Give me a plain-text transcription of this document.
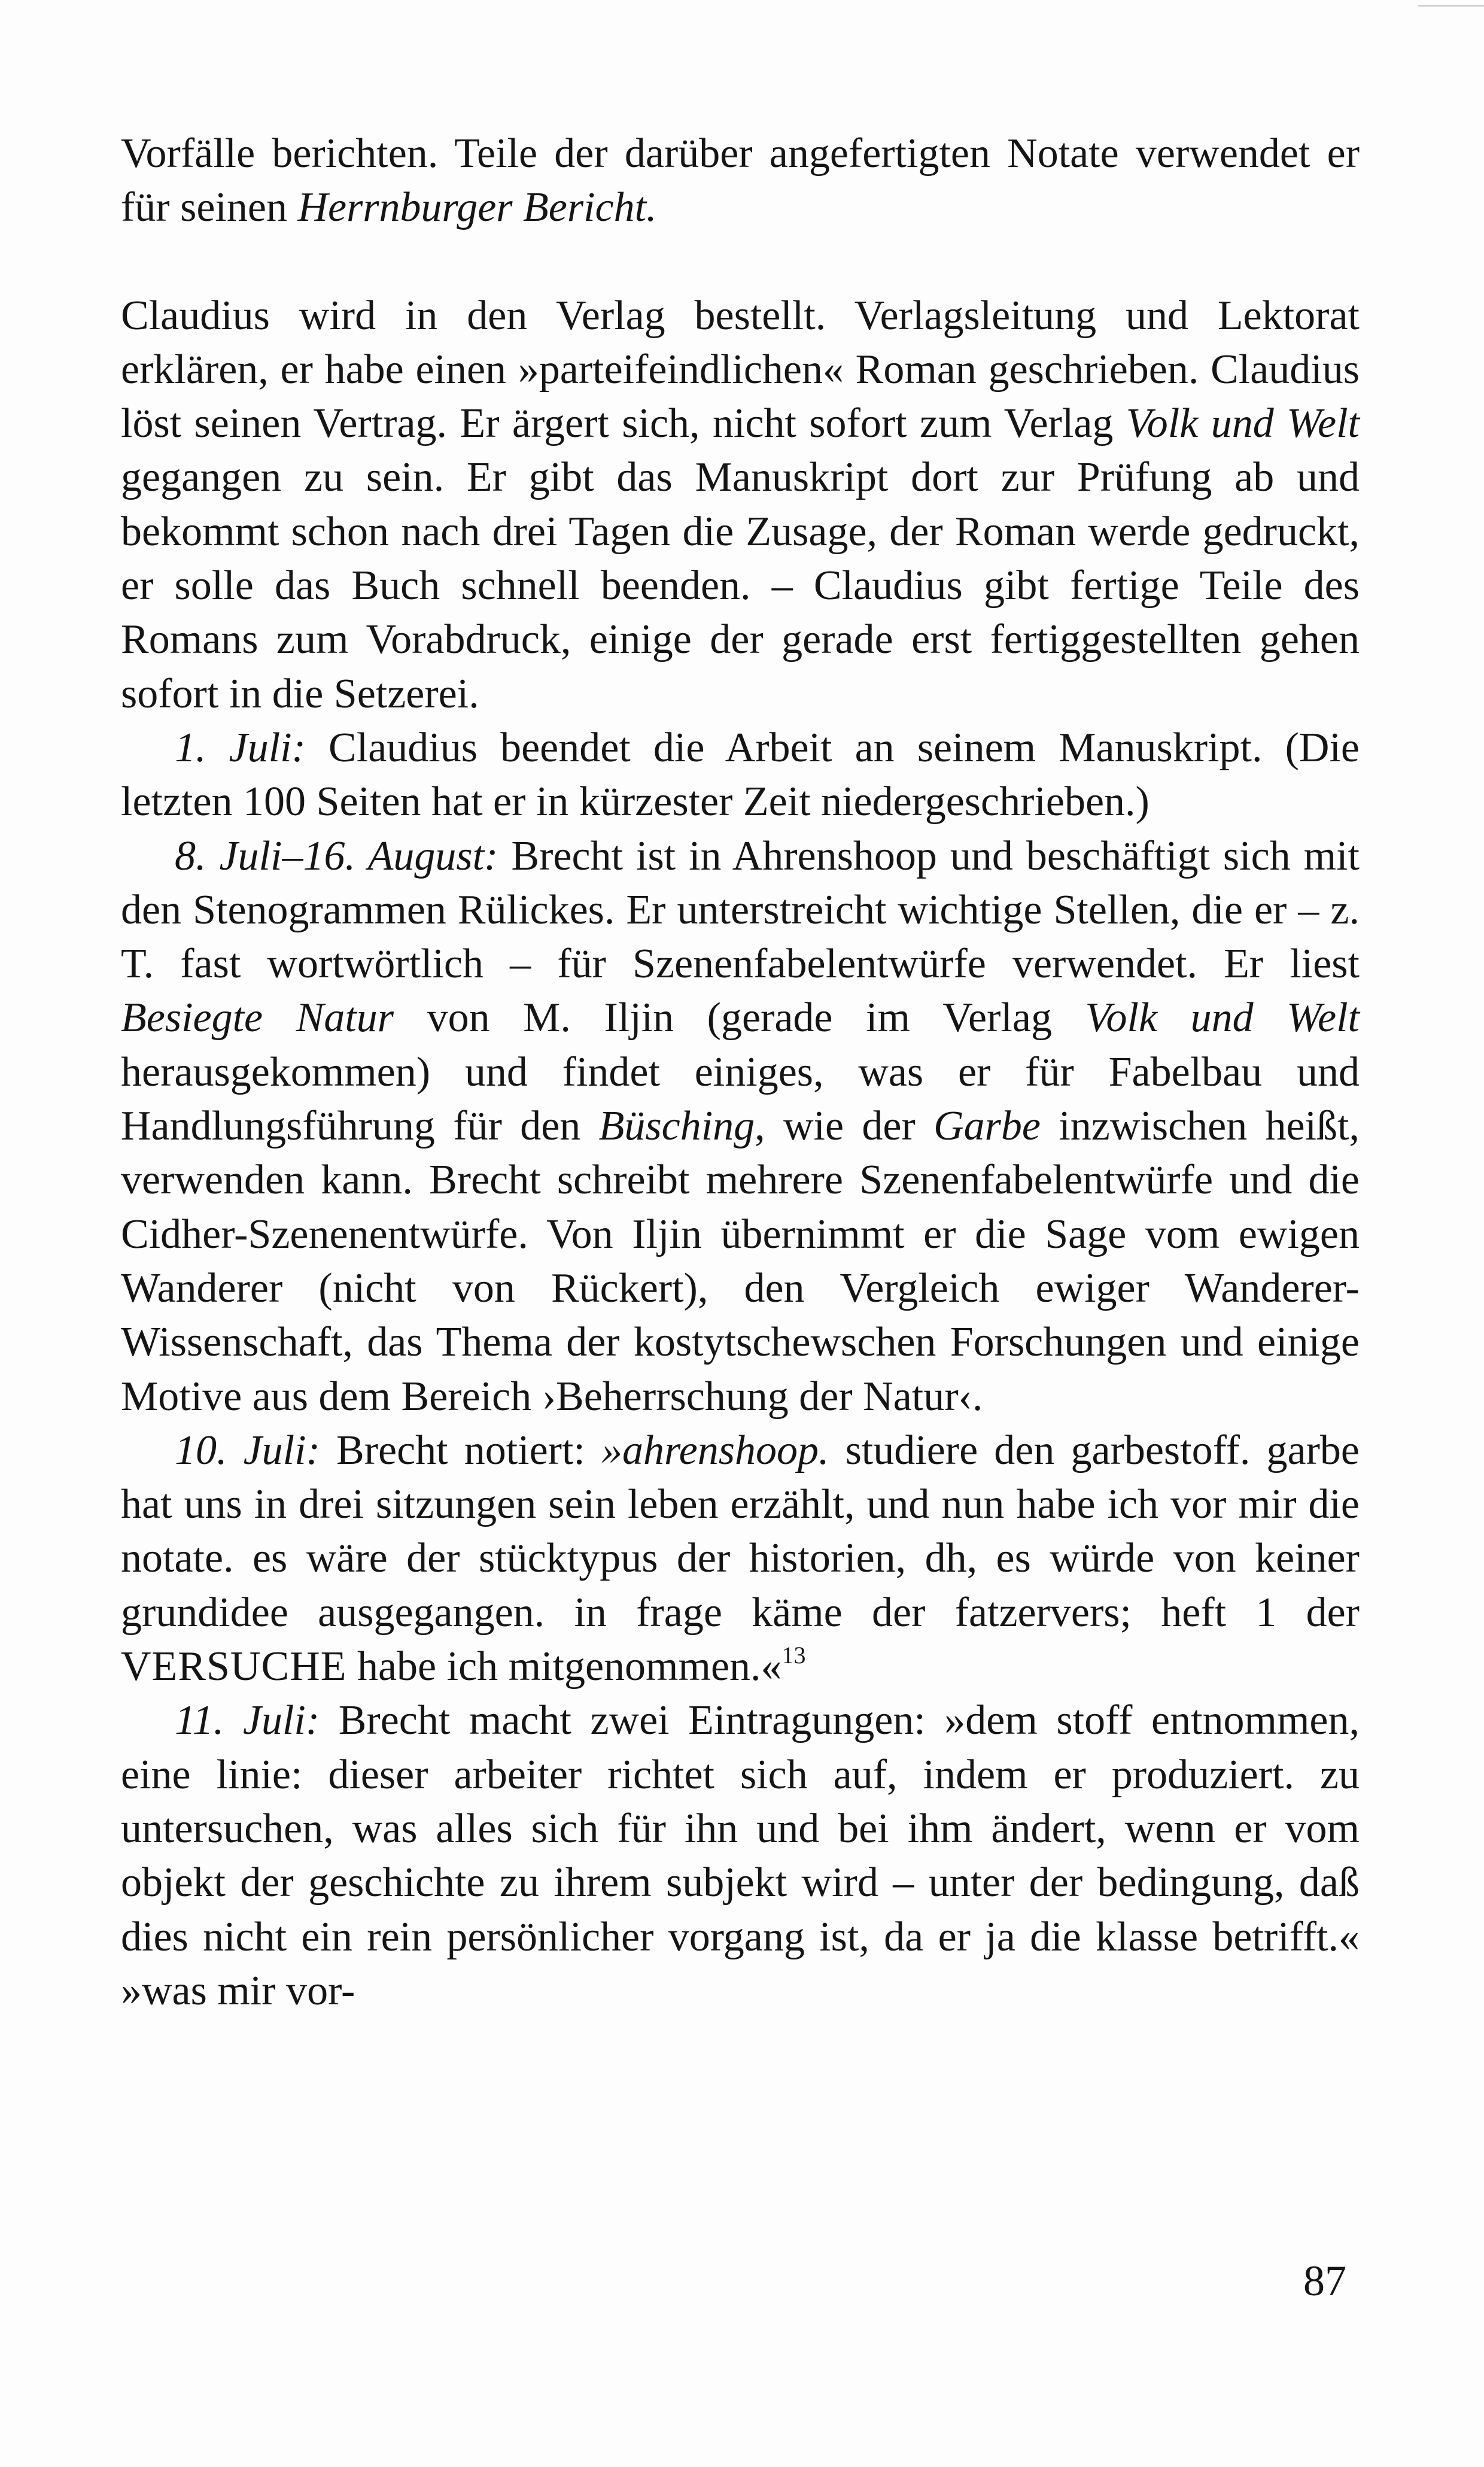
Vorfälle berichten. Teile der darüber angefertigten Notate verwendet er für seinen Herrnburger Bericht.

Claudius wird in den Verlag bestellt. Verlagsleitung und Lektorat erklären, er habe einen »parteifeindlichen« Roman geschrieben. Claudius löst seinen Vertrag. Er ärgert sich, nicht sofort zum Verlag Volk und Welt gegangen zu sein. Er gibt das Manuskript dort zur Prüfung ab und bekommt schon nach drei Tagen die Zusage, der Roman werde gedruckt, er solle das Buch schnell beenden. – Claudius gibt fertige Teile des Romans zum Vorabdruck, einige der gerade erst fertiggestellten gehen sofort in die Setzerei.

1. Juli: Claudius beendet die Arbeit an seinem Manuskript. (Die letzten 100 Seiten hat er in kürzester Zeit niedergeschrieben.)

8. Juli–16. August: Brecht ist in Ahrenshoop und beschäftigt sich mit den Stenogrammen Rülickes. Er unterstreicht wichtige Stellen, die er – z. T. fast wortwörtlich – für Szenenfabelentwürfe verwendet. Er liest Besiegte Natur von M. Iljin (gerade im Verlag Volk und Welt herausgekommen) und findet einiges, was er für Fabelbau und Handlungsführung für den Büsching, wie der Garbe inzwischen heißt, verwenden kann. Brecht schreibt mehrere Szenenfabelentwürfe und die Cidher-Szenenentwürfe. Von Iljin übernimmt er die Sage vom ewigen Wanderer (nicht von Rückert), den Vergleich ewiger Wanderer-Wissenschaft, das Thema der kostytschewschen Forschungen und einige Motive aus dem Bereich ›Beherrschung der Natur‹.

10. Juli: Brecht notiert: »ahrenshoop. studiere den garbestoff. garbe hat uns in drei sitzungen sein leben erzählt, und nun habe ich vor mir die notate. es wäre der stücktypus der historien, dh, es würde von keiner grundidee ausgegangen. in frage käme der fatzervers; heft 1 der VERSUCHE habe ich mitgenommen.«$^{13}$

11. Juli: Brecht macht zwei Eintragungen: »dem stoff entnommen, eine linie: dieser arbeiter richtet sich auf, indem er produziert. zu untersuchen, was alles sich für ihn und bei ihm ändert, wenn er vom objekt der geschichte zu ihrem subjekt wird – unter der bedingung, daß dies nicht ein rein persönlicher vorgang ist, da er ja die klasse betrifft.« »was mir vor-

87
